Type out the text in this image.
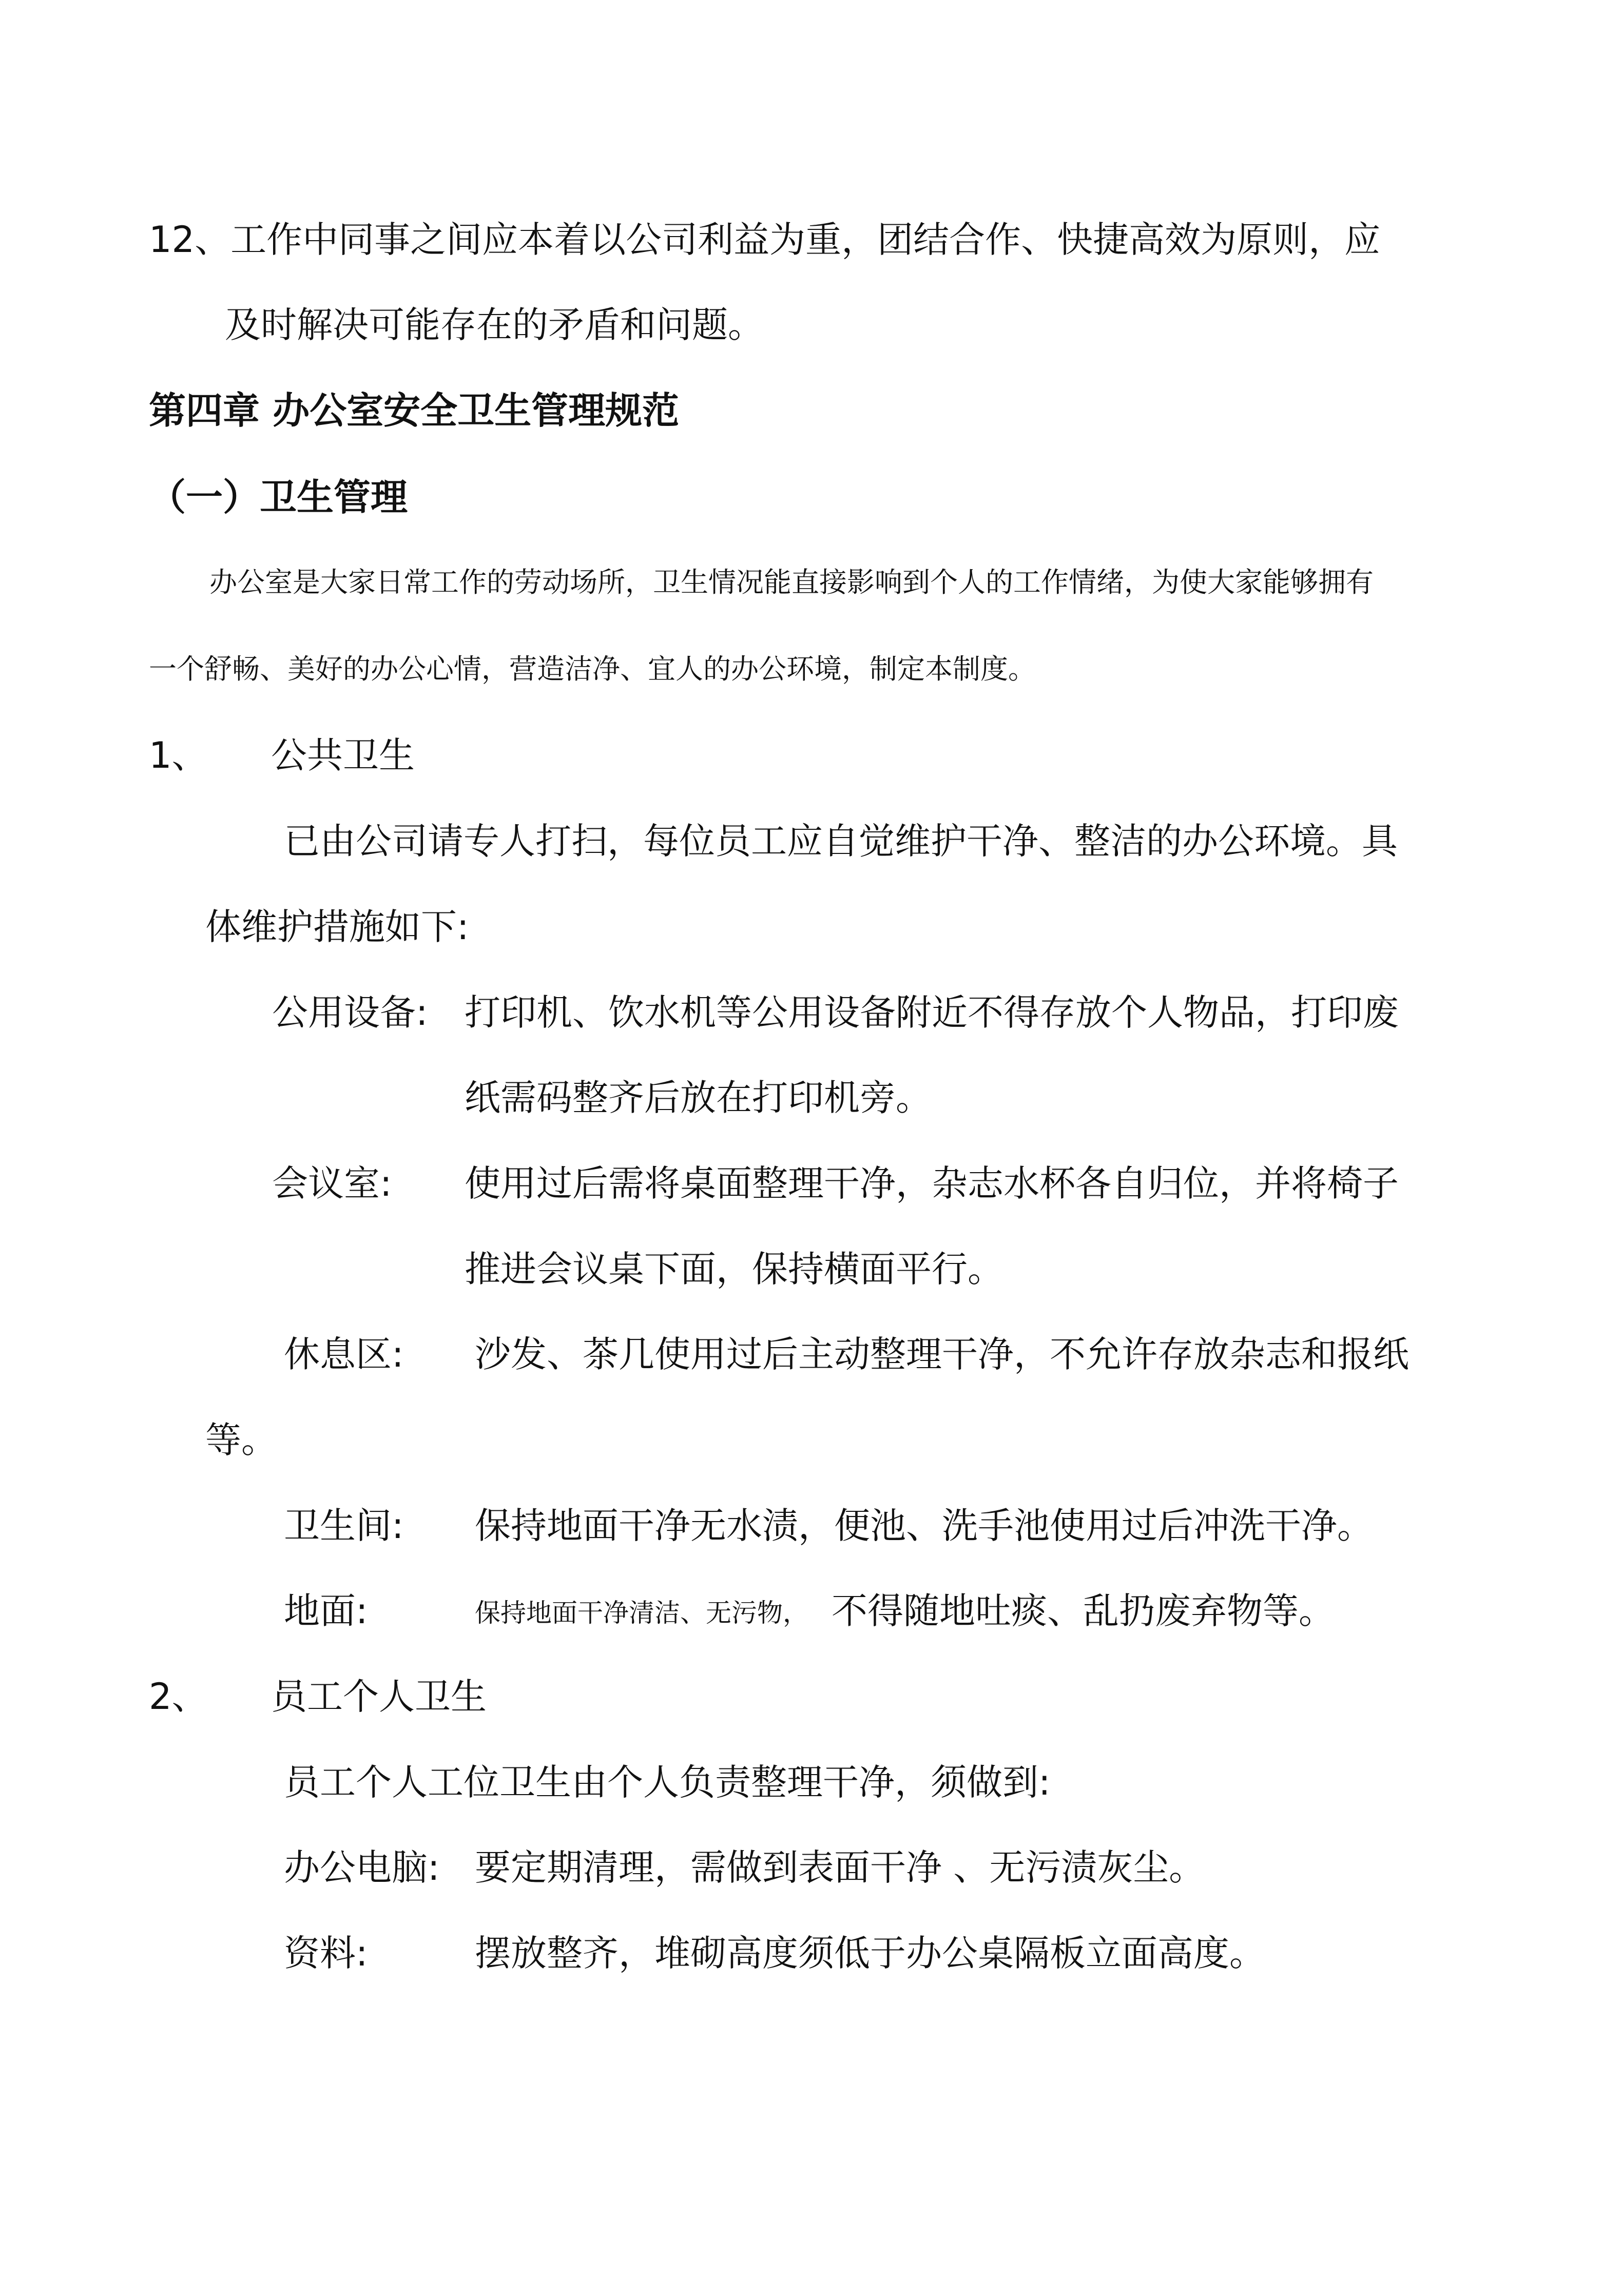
12、工作中同事之间应本着以公司利益为重，团结合作、快捷高效为原则，应
及时解决可能存在的矛盾和问题。
第四章 办公室安全卫生管理规范
（一）卫生管理
办公室是大家日常工作的劳动场所，卫生情况能直接影响到个人的工作情绪，为使大家能够拥有
一个舒畅、美好的办公心情，营造洁净、宜人的办公环境，制定本制度。
1、 公共卫生
已由公司请专人打扫，每位员工应自觉维护干净、整洁的办公环境。具
体维护措施如下:
公用设备: 打印机、饮水机等公用设备附近不得存放个人物品，打印废
纸需码整齐后放在打印机旁。
会议室: 使用过后需将桌面整理干净，杂志水杯各自归位，并将椅子
推进会议桌下面，保持横面平行。
休息区: 沙发、茶几使用过后主动整理干净，不允许存放杂志和报纸
等。
卫生间: 保持地面干净无水渍，便池、洗手池使用过后冲洗干净。
地面:	保持地面干净清洁、无污物， 不得随地吐痰、乱扔废弃物等。
2、 员工个人卫生
员工个人工位卫生由个人负责整理干净，须做到:
办公电脑: 要定期清理，需做到表面干净 、无污渍灰尘。
资料:	摆放整齐，堆砌高度须低于办公桌隔板立面高度。
